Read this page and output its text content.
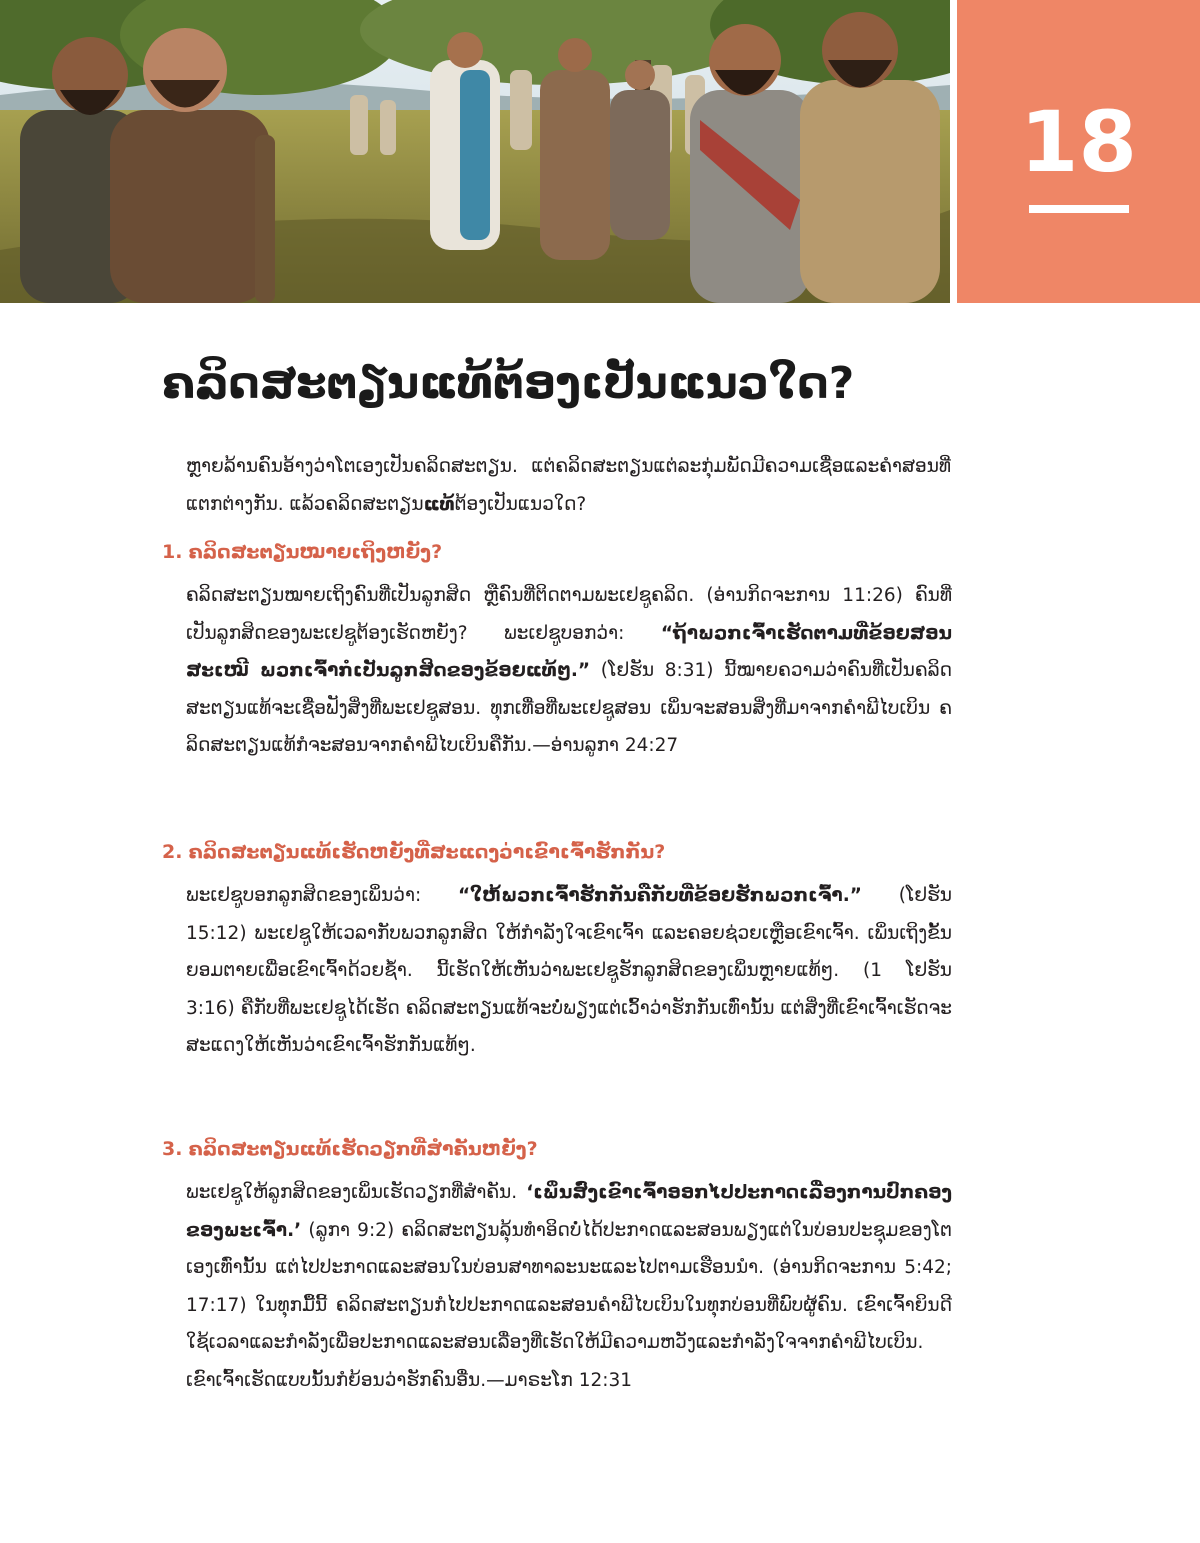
18
ຄລິດສະຕຽນແທ້ຕ້ອງເປັນແນວໃດ?

ຫຼາຍລ້ານຄົນອ້າງວ່າໂຕເອງເປັນຄລິດສະຕຽນ. ແຕ່ຄລິດສະຕຽນແຕ່ລະກຸ່ມພັດມີຄວາມເຊື່ອແລະຄຳສອນທີ່ແຕກຕ່າງກັນ. ແລ້ວຄລິດສະຕຽນແທ້ຕ້ອງເປັນແນວໃດ?

1. ຄລິດສະຕຽນໝາຍເຖິງຫຍັງ?

ຄລິດສະຕຽນໝາຍເຖິງຄົນທີ່ເປັນລູກສິດ ຫຼືຄົນທີ່ຕິດຕາມພະເຢຊູຄລິດ. (ອ່ານກິດຈະການ 11:26) ຄົນທີ່ເປັນລູກສິດຂອງພະເຢຊູຕ້ອງເຮັດຫຍັງ? ພະເຢຊູບອກວ່າ: “ຖ້າພວກເຈົ້າເຮັດຕາມທີ່ຂ້ອຍສອນສະເໝີ ພວກເຈົ້າກໍເປັນລູກສິດຂອງຂ້ອຍແທ້ໆ.” (ໂຢຮັນ 8:31) ນີ້ໝາຍຄວາມວ່າຄົນທີ່ເປັນຄລິດສະຕຽນແທ້ຈະເຊື່ອຟັງສິ່ງທີ່ພະເຢຊູສອນ. ທຸກເທື່ອທີ່ພະເຢຊູສອນ ເພິ່ນຈະສອນສິ່ງທີ່ມາຈາກຄຳພີໄບເບິນ ຄລິດສະຕຽນແທ້ກໍຈະສອນຈາກຄຳພີໄບເບິນຄືກັນ.—ອ່ານລູກາ 24:27

2. ຄລິດສະຕຽນແທ້ເຮັດຫຍັງທີ່ສະແດງວ່າເຂົາເຈົ້າຮັກກັນ?

ພະເຢຊູບອກລູກສິດຂອງເພິ່ນວ່າ: “ໃຫ້ພວກເຈົ້າຮັກກັນຄືກັບທີ່ຂ້ອຍຮັກພວກເຈົ້າ.” (ໂຢຮັນ 15:12) ພະເຢຊູໃຫ້ເວລາກັບພວກລູກສິດ ໃຫ້ກຳລັງໃຈເຂົາເຈົ້າ ແລະຄອຍຊ່ວຍເຫຼືອເຂົາເຈົ້າ. ເພິ່ນເຖິງຂັ້ນຍອມຕາຍເພື່ອເຂົາເຈົ້າດ້ວຍຊ້ຳ. ນີ້ເຮັດໃຫ້ເຫັນວ່າພະເຢຊູຮັກລູກສິດຂອງເພິ່ນຫຼາຍແທ້ໆ. (1 ໂຢຮັນ 3:16) ຄືກັບທີ່ພະເຢຊູໄດ້ເຮັດ ຄລິດສະຕຽນແທ້ຈະບໍ່ພຽງແຕ່ເວົ້າວ່າຮັກກັນເທົ່ານັ້ນ ແຕ່ສິ່ງທີ່ເຂົາເຈົ້າເຮັດຈະສະແດງໃຫ້ເຫັນວ່າເຂົາເຈົ້າຮັກກັນແທ້ໆ.

3. ຄລິດສະຕຽນແທ້ເຮັດວຽກທີ່ສຳຄັນຫຍັງ?

ພະເຢຊູໃຫ້ລູກສິດຂອງເພິ່ນເຮັດວຽກທີ່ສຳຄັນ. ‘ເພິ່ນສົ່ງເຂົາເຈົ້າອອກໄປປະກາດເລື່ອງການປົກຄອງຂອງພະເຈົ້າ.’ (ລູກາ 9:2) ຄລິດສະຕຽນລຸ້ນທຳອິດບໍ່ໄດ້ປະກາດແລະສອນພຽງແຕ່ໃນບ່ອນປະຊຸມຂອງໂຕເອງເທົ່ານັ້ນ ແຕ່ໄປປະກາດແລະສອນໃນບ່ອນສາທາລະນະແລະໄປຕາມເຮືອນນຳ. (ອ່ານກິດຈະການ 5:42; 17:17) ໃນທຸກມື້ນີ້ ຄລິດສະຕຽນກໍໄປປະກາດແລະສອນຄຳພີໄບເບິນໃນທຸກບ່ອນທີ່ພົບຜູ້ຄົນ. ເຂົາເຈົ້າຍິນດີໃຊ້ເວລາແລະກຳລັງເພື່ອປະກາດແລະສອນເລື່ອງທີ່ເຮັດໃຫ້ມີຄວາມຫວັງແລະກຳລັງໃຈຈາກຄຳພີໄບເບິນ. ເຂົາເຈົ້າເຮັດແບບນັ້ນກໍຍ້ອນວ່າຮັກຄົນອື່ນ.—ມາຣະໂກ 12:31
